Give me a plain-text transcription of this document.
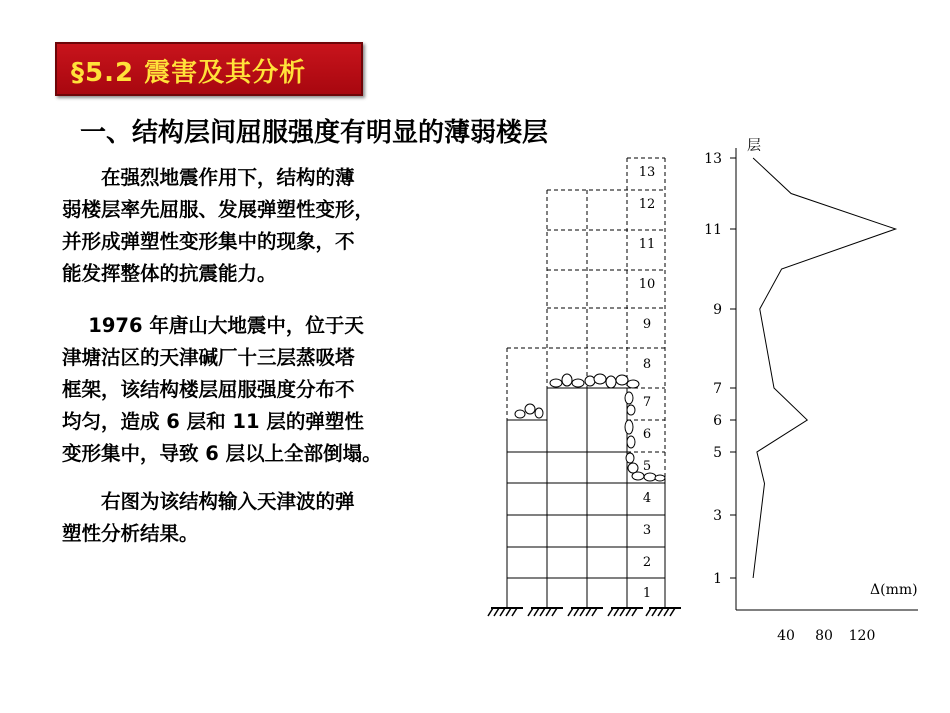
§5.2 震害及其分析
一、结构层间屈服强度有明显的薄弱楼层
　　在强烈地震作用下，结构的薄
弱楼层率先屈服、发展弹塑性变形，
并形成弹塑性变形集中的现象，不
能发挥整体的抗震能力。
　 1976 年唐山大地震中，位于天
津塘沽区的天津碱厂十三层蒸吸塔
框架，该结构楼层屈服强度分布不
均匀，造成 6 层和 11 层的弹塑性
变形集中，导致 6 层以上全部倒塌。
　　右图为该结构输入天津波的弹
塑性分析结果。
1
2
3
4
5
6
7
8
9
10
11
12
13
层
Δ(mm)
1
3
5
6
7
9
11
13
40 80 120
